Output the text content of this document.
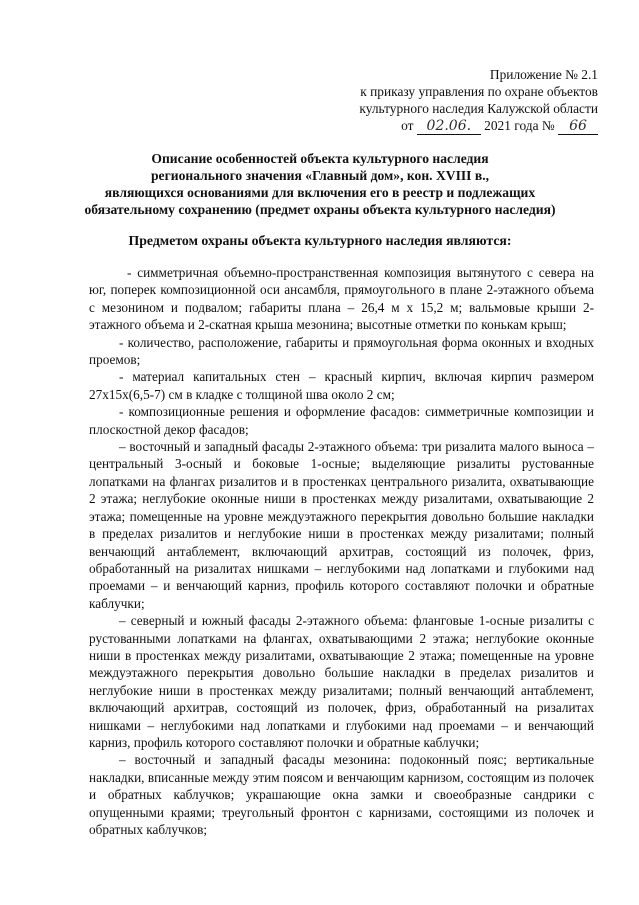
Приложение № 2.1
к приказу управления по охране объектов
культурного наследия Калужской области
от 02.06. 2021 года № 66
Описание особенностей объекта культурного наследия
регионального значения «Главный дом», кон. XVIII в.,
являющихся основаниями для включения его в реестр и подлежащих
обязательному сохранению (предмет охраны объекта культурного наследия)
Предметом охраны объекта культурного наследия являются:

- симметричная объемно-пространственная композиция вытянутого с севера на юг, поперек композиционной оси ансамбля, прямоугольного в плане 2-этажного объема с мезонином и подвалом; габариты плана – 26,4 м х 15,2 м; вальмовые крыши 2-этажного объема и 2-скатная крыша мезонина; высотные отметки по конькам крыш;

- количество, расположение, габариты и прямоугольная форма оконных и входных проемов;

- материал капитальных стен – красный кирпич, включая кирпич размером 27х15х(6,5-7) см в кладке с толщиной шва около 2 см;

- композиционные решения и оформление фасадов: симметричные композиции и плоскостной декор фасадов;

– восточный и западный фасады 2-этажного объема: три ризалита малого выноса – центральный 3-осный и боковые 1-осные; выделяющие ризалиты рустованные лопатками на флангах ризалитов и в простенках центрального ризалита, охватывающие 2 этажа; неглубокие оконные ниши в простенках между ризалитами, охватывающие 2 этажа; помещенные на уровне междуэтажного перекрытия довольно большие накладки в пределах ризалитов и неглубокие ниши в простенках между ризалитами; полный венчающий антаблемент, включающий архитрав, состоящий из полочек, фриз, обработанный на ризалитах нишками – неглубокими над лопатками и глубокими над проемами – и венчающий карниз, профиль которого составляют полочки и обратные каблучки;

– северный и южный фасады 2-этажного объема: фланговые 1-осные ризалиты с рустованными лопатками на флангах, охватывающими 2 этажа; неглубокие оконные ниши в простенках между ризалитами, охватывающие 2 этажа; помещенные на уровне междуэтажного перекрытия довольно большие накладки в пределах ризалитов и неглубокие ниши в простенках между ризалитами; полный венчающий антаблемент, включающий архитрав, состоящий из полочек, фриз, обработанный на ризалитах нишками – неглубокими над лопатками и глубокими над проемами – и венчающий карниз, профиль которого составляют полочки и обратные каблучки;

– восточный и западный фасады мезонина: подоконный пояс; вертикальные накладки, вписанные между этим поясом и венчающим карнизом, состоящим из полочек и обратных каблучков; украшающие окна замки и своеобразные сандрики с опущенными краями; треугольный фронтон с карнизами, состоящими из полочек и обратных каблучков;
